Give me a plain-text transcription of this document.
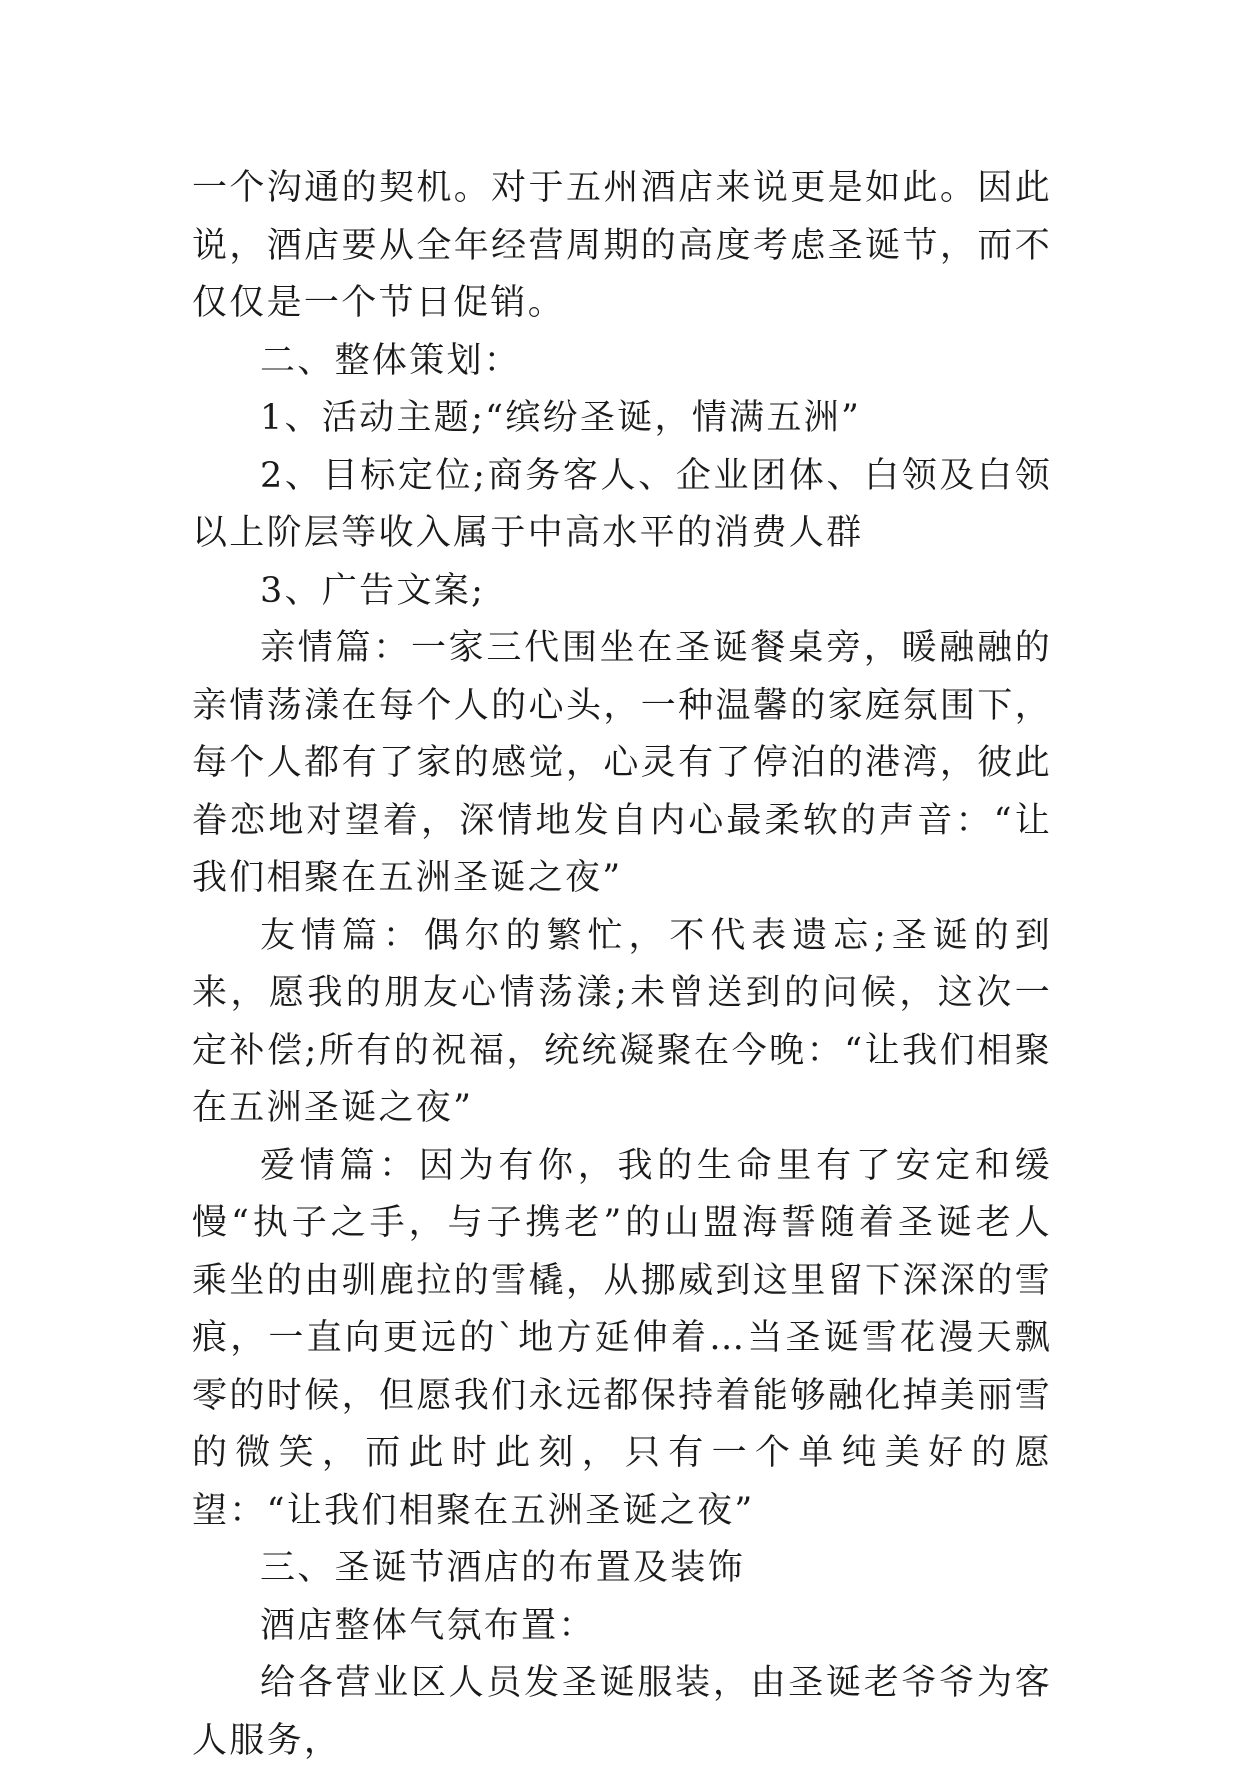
一个沟通的契机。对于五州酒店来说更是如此。因此说，酒店要从全年经营周期的高度考虑圣诞节，而不仅仅是一个节日促销。

二、整体策划：

1、活动主题;“缤纷圣诞，情满五洲”

2、目标定位;商务客人、企业团体、白领及白领以上阶层等收入属于中高水平的消费人群

3、广告文案;

亲情篇：一家三代围坐在圣诞餐桌旁，暖融融的亲情荡漾在每个人的心头，一种温馨的家庭氛围下，每个人都有了家的感觉，心灵有了停泊的港湾，彼此眷恋地对望着，深情地发自内心最柔软的声音：“让我们相聚在五洲圣诞之夜”

友情篇：偶尔的繁忙，不代表遗忘;圣诞的到来，愿我的朋友心情荡漾;未曾送到的问候，这次一定补偿;所有的祝福，统统凝聚在今晚：“让我们相聚在五洲圣诞之夜”

爱情篇：因为有你，我的生命里有了安定和缓慢“执子之手，与子携老”的山盟海誓随着圣诞老人乘坐的由驯鹿拉的雪橇，从挪威到这里留下深深的雪痕，一直向更远的`地方延伸着…当圣诞雪花漫天飘零的时候，但愿我们永远都保持着能够融化掉美丽雪的微笑，而此时此刻，只有一个单纯美好的愿望：“让我们相聚在五洲圣诞之夜”

三、圣诞节酒店的布置及装饰

酒店整体气氛布置：

给各营业区人员发圣诞服装，由圣诞老爷爷为客人服务，
